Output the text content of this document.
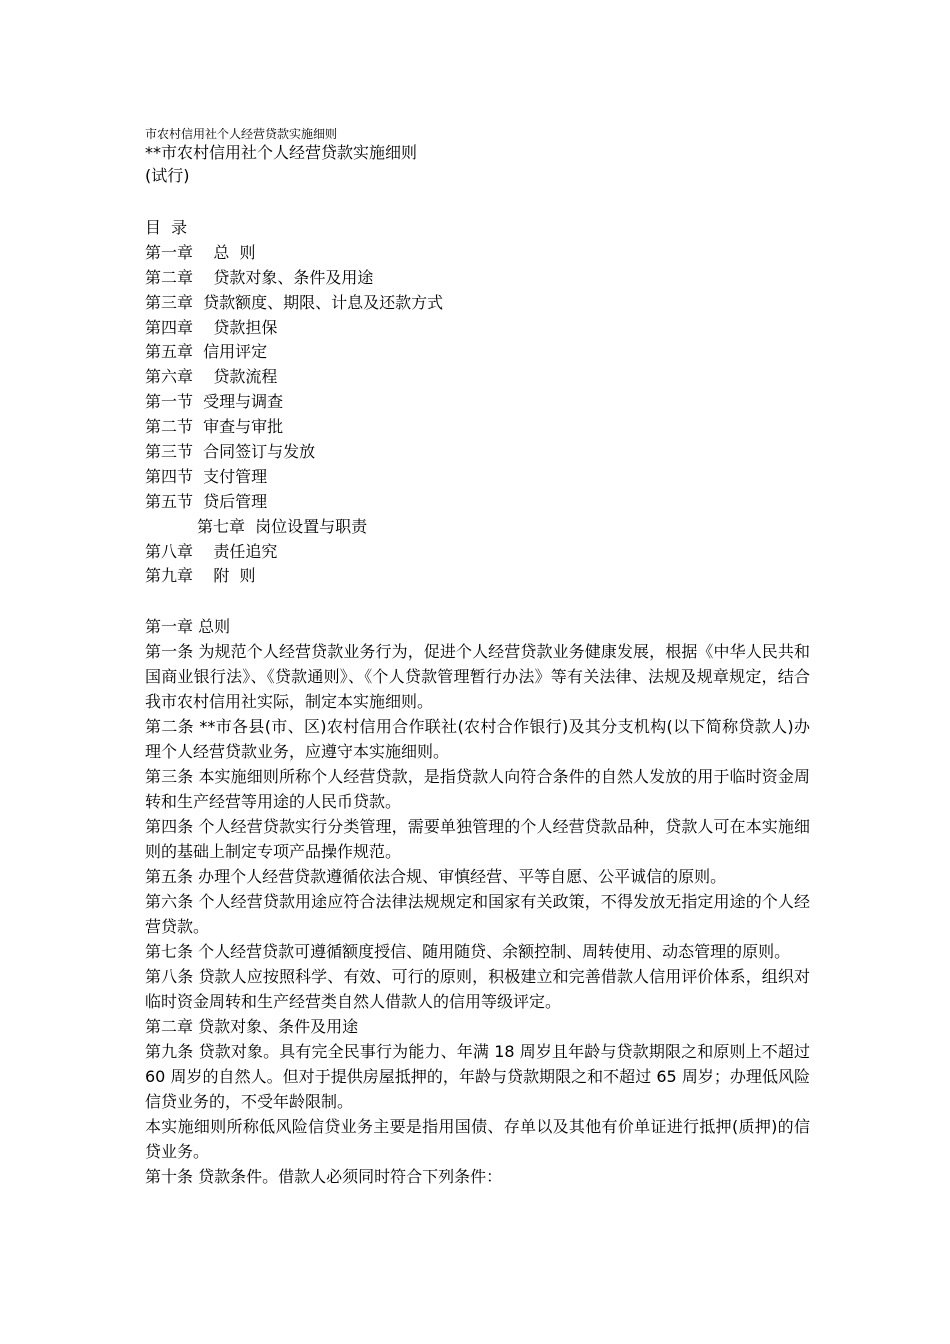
市农村信用社个人经营贷款实施细则
**市农村信用社个人经营贷款实施细则
(试行)
目  录
第一章    总  则
第二章    贷款对象、条件及用途
第三章  贷款额度、期限、计息及还款方式
第四章    贷款担保
第五章  信用评定
第六章    贷款流程
第一节  受理与调查
第二节  审查与审批
第三节  合同签订与发放
第四节  支付管理
第五节  贷后管理
第七章  岗位设置与职责
第八章    责任追究
第九章    附  则

第一章 总则

第一条 为规范个人经营贷款业务行为，促进个人经营贷款业务健康发展，根据《中华人民共和国商业银行法》、《贷款通则》、《个人贷款管理暂行办法》等有关法律、法规及规章规定，结合我市农村信用社实际，制定本实施细则。

第二条 **市各县(市、区)农村信用合作联社(农村合作银行)及其分支机构(以下简称贷款人)办理个人经营贷款业务，应遵守本实施细则。

第三条 本实施细则所称个人经营贷款，是指贷款人向符合条件的自然人发放的用于临时资金周转和生产经营等用途的人民币贷款。

第四条 个人经营贷款实行分类管理，需要单独管理的个人经营贷款品种，贷款人可在本实施细则的基础上制定专项产品操作规范。

第五条 办理个人经营贷款遵循依法合规、审慎经营、平等自愿、公平诚信的原则。

第六条 个人经营贷款用途应符合法律法规规定和国家有关政策，不得发放无指定用途的个人经营贷款。

第七条 个人经营贷款可遵循额度授信、随用随贷、余额控制、周转使用、动态管理的原则。

第八条 贷款人应按照科学、有效、可行的原则，积极建立和完善借款人信用评价体系，组织对临时资金周转和生产经营类自然人借款人的信用等级评定。

第二章 贷款对象、条件及用途

第九条 贷款对象。具有完全民事行为能力、年满 18 周岁且年龄与贷款期限之和原则上不超过 60 周岁的自然人。但对于提供房屋抵押的，年龄与贷款期限之和不超过 65 周岁；办理低风险信贷业务的，不受年龄限制。

本实施细则所称低风险信贷业务主要是指用国债、存单以及其他有价单证进行抵押(质押)的信贷业务。

第十条 贷款条件。借款人必须同时符合下列条件：
